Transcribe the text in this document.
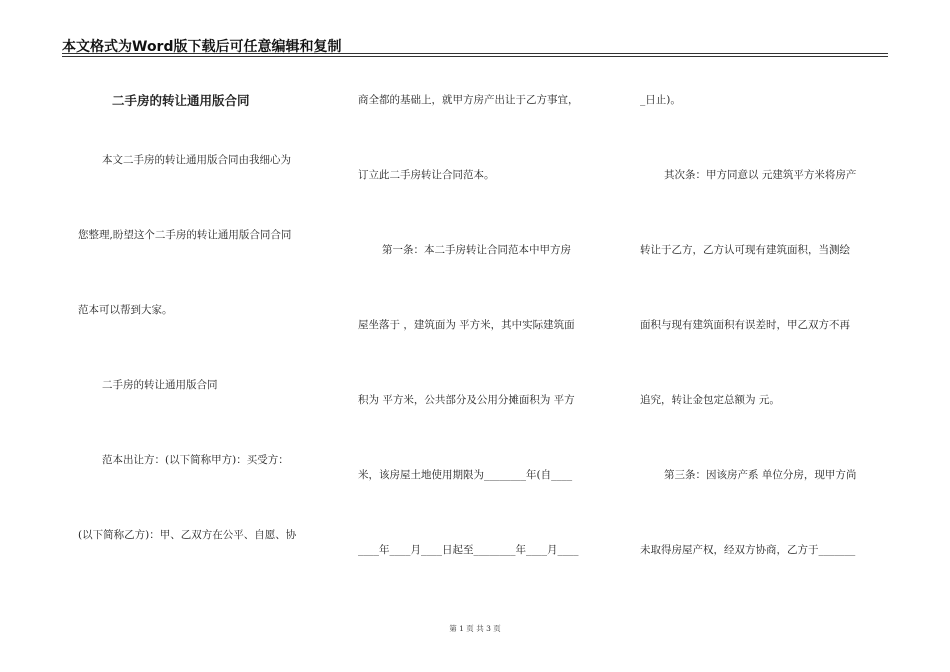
本文格式为Word版下载后可任意编辑和复制
二手房的转让通用版合同
本文二手房的转让通用版合同由我细心为
您整理,盼望这个二手房的转让通用版合同合同
范本可以帮到大家。
二手房的转让通用版合同
范本出让方：(以下简称甲方)：买受方：
(以下简称乙方)：甲、乙双方在公平、自愿、协
商全都的基础上，就甲方房产出让于乙方事宜，
订立此二手房转让合同范本。
第一条：本二手房转让合同范本中甲方房
屋坐落于 ，建筑面为 平方米，其中实际建筑面
积为 平方米，公共部分及公用分摊面积为 平方
米，该房屋土地使用期限为________年(自____
____年____月____日起至________年____月____
_日止)。
其次条：甲方同意以 元建筑平方米将房产
转让于乙方，乙方认可现有建筑面积，当测绘
面积与现有建筑面积有误差时，甲乙双方不再
追究，转让金包定总额为 元。
第三条：因该房产系 单位分房，现甲方尚
未取得房屋产权，经双方协商，乙方于_______
第 1 页 共 3 页
